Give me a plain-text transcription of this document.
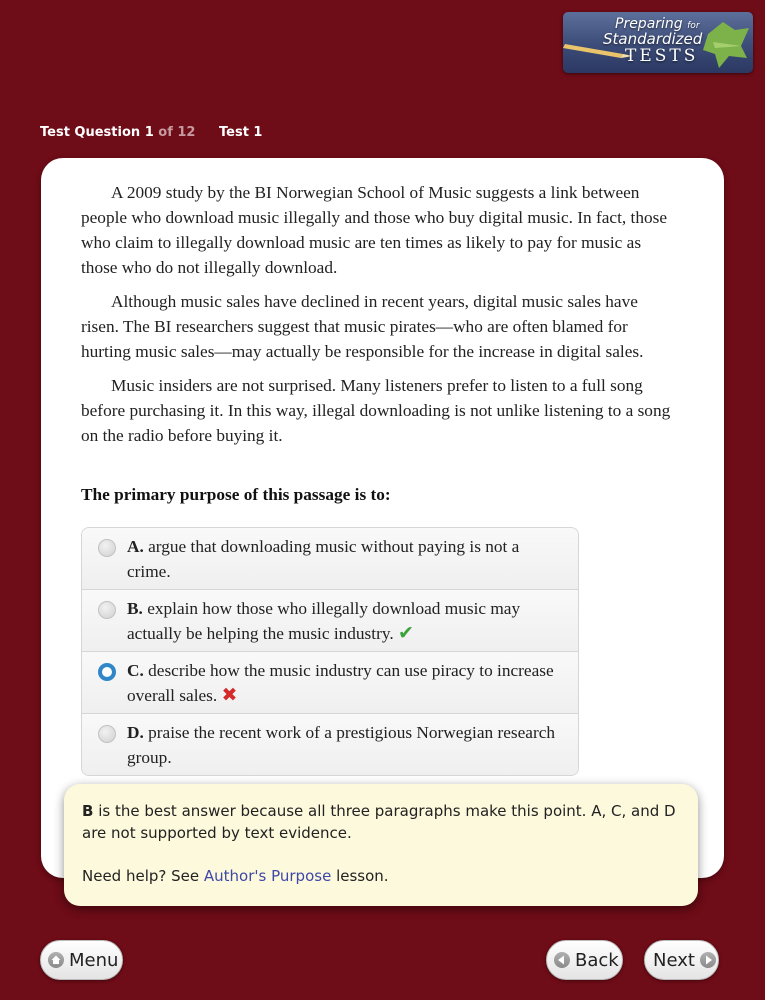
Preparing for
Standardized
TESTS
Test Question 1 of 12 Test 1

A 2009 study by the BI Norwegian School of Music suggests a link between people who download music illegally and those who buy digital music. In fact, those who claim to illegally download music are ten times as likely to pay for music as those who do not illegally download.

Although music sales have declined in recent years, digital music sales have risen. The BI researchers suggest that music pirates—who are often blamed for hurting music sales—may actually be responsible for the increase in digital sales.

Music insiders are not surprised. Many listeners prefer to listen to a full song before purchasing it. In this way, illegal downloading is not unlike listening to a song on the radio before buying it.

The primary purpose of this passage is to:
A. argue that downloading music without paying is not a crime.
B. explain how those who illegally download music may actually be helping the music industry. ✔
C. describe how the music industry can use piracy to increase overall sales. ✖
D. praise the recent work of a prestigious Norwegian research group.
B is the best answer because all three paragraphs make this point. A, C, and D are not supported by text evidence.
Need help? See Author's Purpose lesson.
Menu	Back Next
